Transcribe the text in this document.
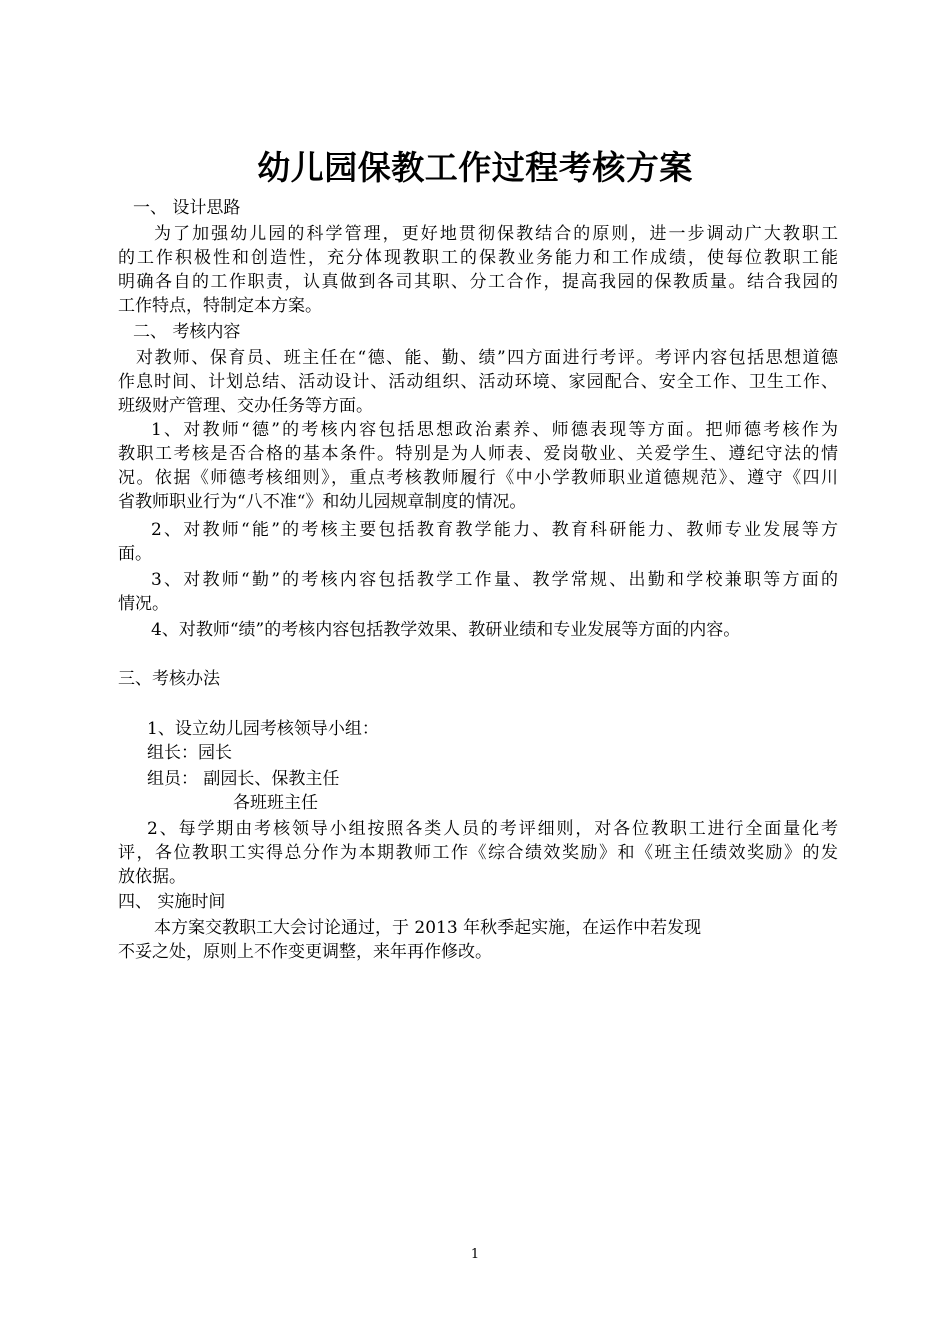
幼儿园保教工作过程考核方案
一、 设计思路
为了加强幼儿园的科学管理，更好地贯彻保教结合的原则，进一步调动广大教职工
的工作积极性和创造性，充分体现教职工的保教业务能力和工作成绩，使每位教职工能
明确各自的工作职责，认真做到各司其职、分工合作，提高我园的保教质量。结合我园的
工作特点，特制定本方案。
二、 考核内容
对教师、保育员、班主任在“德、能、勤、绩”四方面进行考评。考评内容包括思想道德
作息时间、计划总结、活动设计、活动组织、活动环境、家园配合、安全工作、卫生工作、
班级财产管理、交办任务等方面。
1、对教师“德”的考核内容包括思想政治素养、师德表现等方面。把师德考核作为
教职工考核是否合格的基本条件。特别是为人师表、爱岗敬业、关爱学生、遵纪守法的情
况。依据《师德考核细则》，重点考核教师履行《中小学教师职业道德规范》、遵守《四川
省教师职业行为“八不准“》和幼儿园规章制度的情况。
2、对教师“能”的考核主要包括教育教学能力、教育科研能力、教师专业发展等方
面。
3、对教师“勤”的考核内容包括教学工作量、教学常规、出勤和学校兼职等方面的
情况。
4、对教师“绩”的考核内容包括教学效果、教研业绩和专业发展等方面的内容。
三、考核办法
1、设立幼儿园考核领导小组：
组长：园长
组员： 副园长、保教主任
各班班主任
2、每学期由考核领导小组按照各类人员的考评细则，对各位教职工进行全面量化考
评，各位教职工实得总分作为本期教师工作《综合绩效奖励》和《班主任绩效奖励》的发
放依据。
四、 实施时间
本方案交教职工大会讨论通过，于 2013 年秋季起实施，在运作中若发现
不妥之处，原则上不作变更调整，来年再作修改。
1
